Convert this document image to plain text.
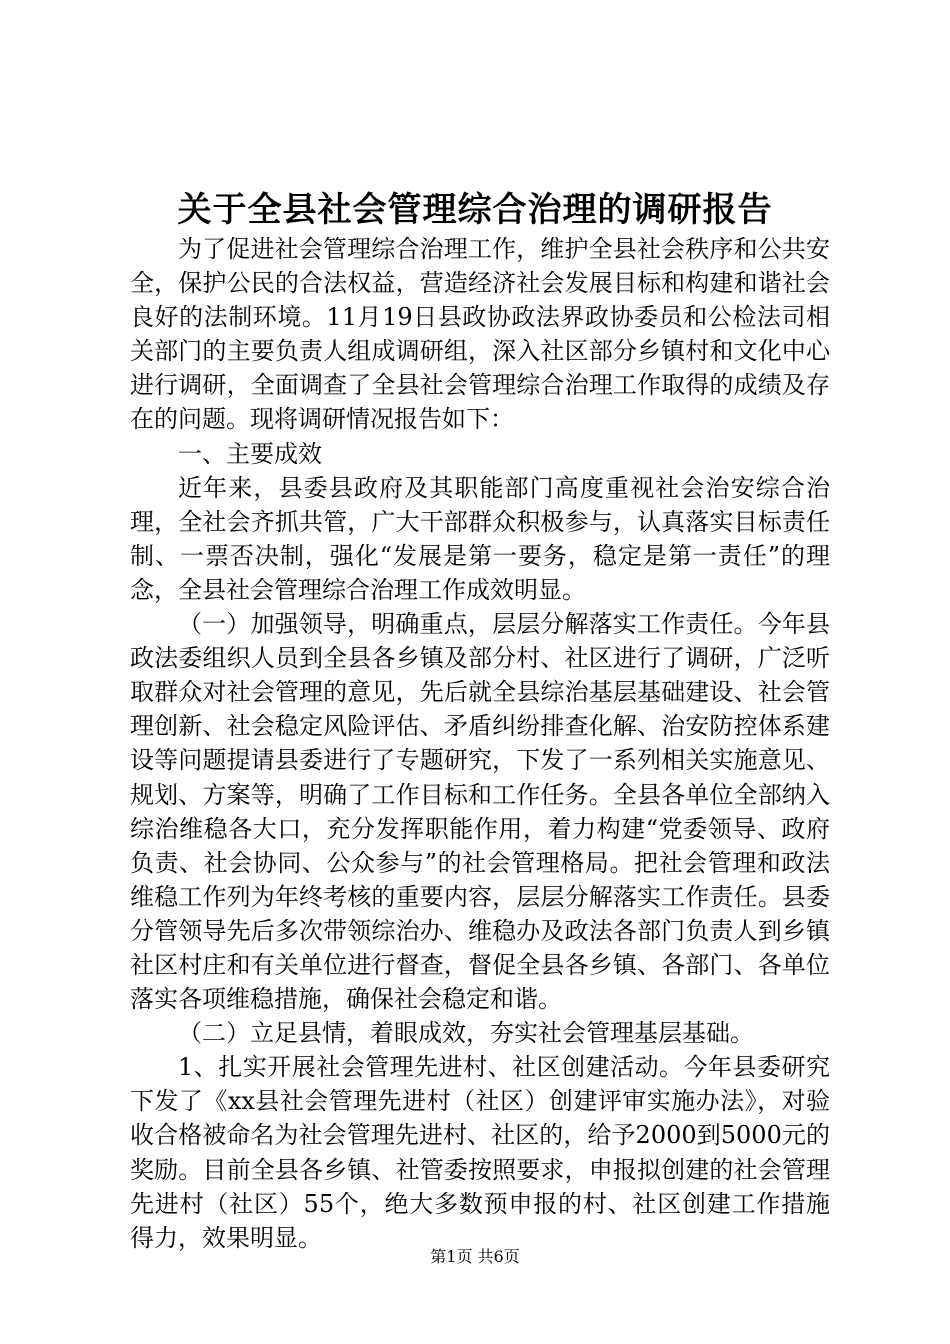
关于全县社会管理综合治理的调研报告

为了促进社会管理综合治理工作，维护全县社会秩序和公共安全，保护公民的合法权益，营造经济社会发展目标和构建和谐社会良好的法制环境。11月19日县政协政法界政协委员和公检法司相关部门的主要负责人组成调研组，深入社区部分乡镇村和文化中心进行调研，全面调查了全县社会管理综合治理工作取得的成绩及存在的问题。现将调研情况报告如下：

一、主要成效

近年来，县委县政府及其职能部门高度重视社会治安综合治理，全社会齐抓共管，广大干部群众积极参与，认真落实目标责任制、一票否决制，强化“发展是第一要务，稳定是第一责任”的理念，全县社会管理综合治理工作成效明显。

（一）加强领导，明确重点，层层分解落实工作责任。今年县政法委组织人员到全县各乡镇及部分村、社区进行了调研，广泛听取群众对社会管理的意见，先后就全县综治基层基础建设、社会管理创新、社会稳定风险评估、矛盾纠纷排查化解、治安防控体系建设等问题提请县委进行了专题研究，下发了一系列相关实施意见、规划、方案等，明确了工作目标和工作任务。全县各单位全部纳入综治维稳各大口，充分发挥职能作用，着力构建“党委领导、政府负责、社会协同、公众参与”的社会管理格局。把社会管理和政法维稳工作列为年终考核的重要内容，层层分解落实工作责任。县委分管领导先后多次带领综治办、维稳办及政法各部门负责人到乡镇社区村庄和有关单位进行督查，督促全县各乡镇、各部门、各单位落实各项维稳措施，确保社会稳定和谐。

（二）立足县情，着眼成效，夯实社会管理基层基础。

1、扎实开展社会管理先进村、社区创建活动。今年县委研究下发了《xx县社会管理先进村（社区）创建评审实施办法》，对验收合格被命名为社会管理先进村、社区的，给予2000到5000元的奖励。目前全县各乡镇、社管委按照要求，申报拟创建的社会管理先进村（社区）55个，绝大多数预申报的村、社区创建工作措施得力，效果明显。

第1页 共6页
